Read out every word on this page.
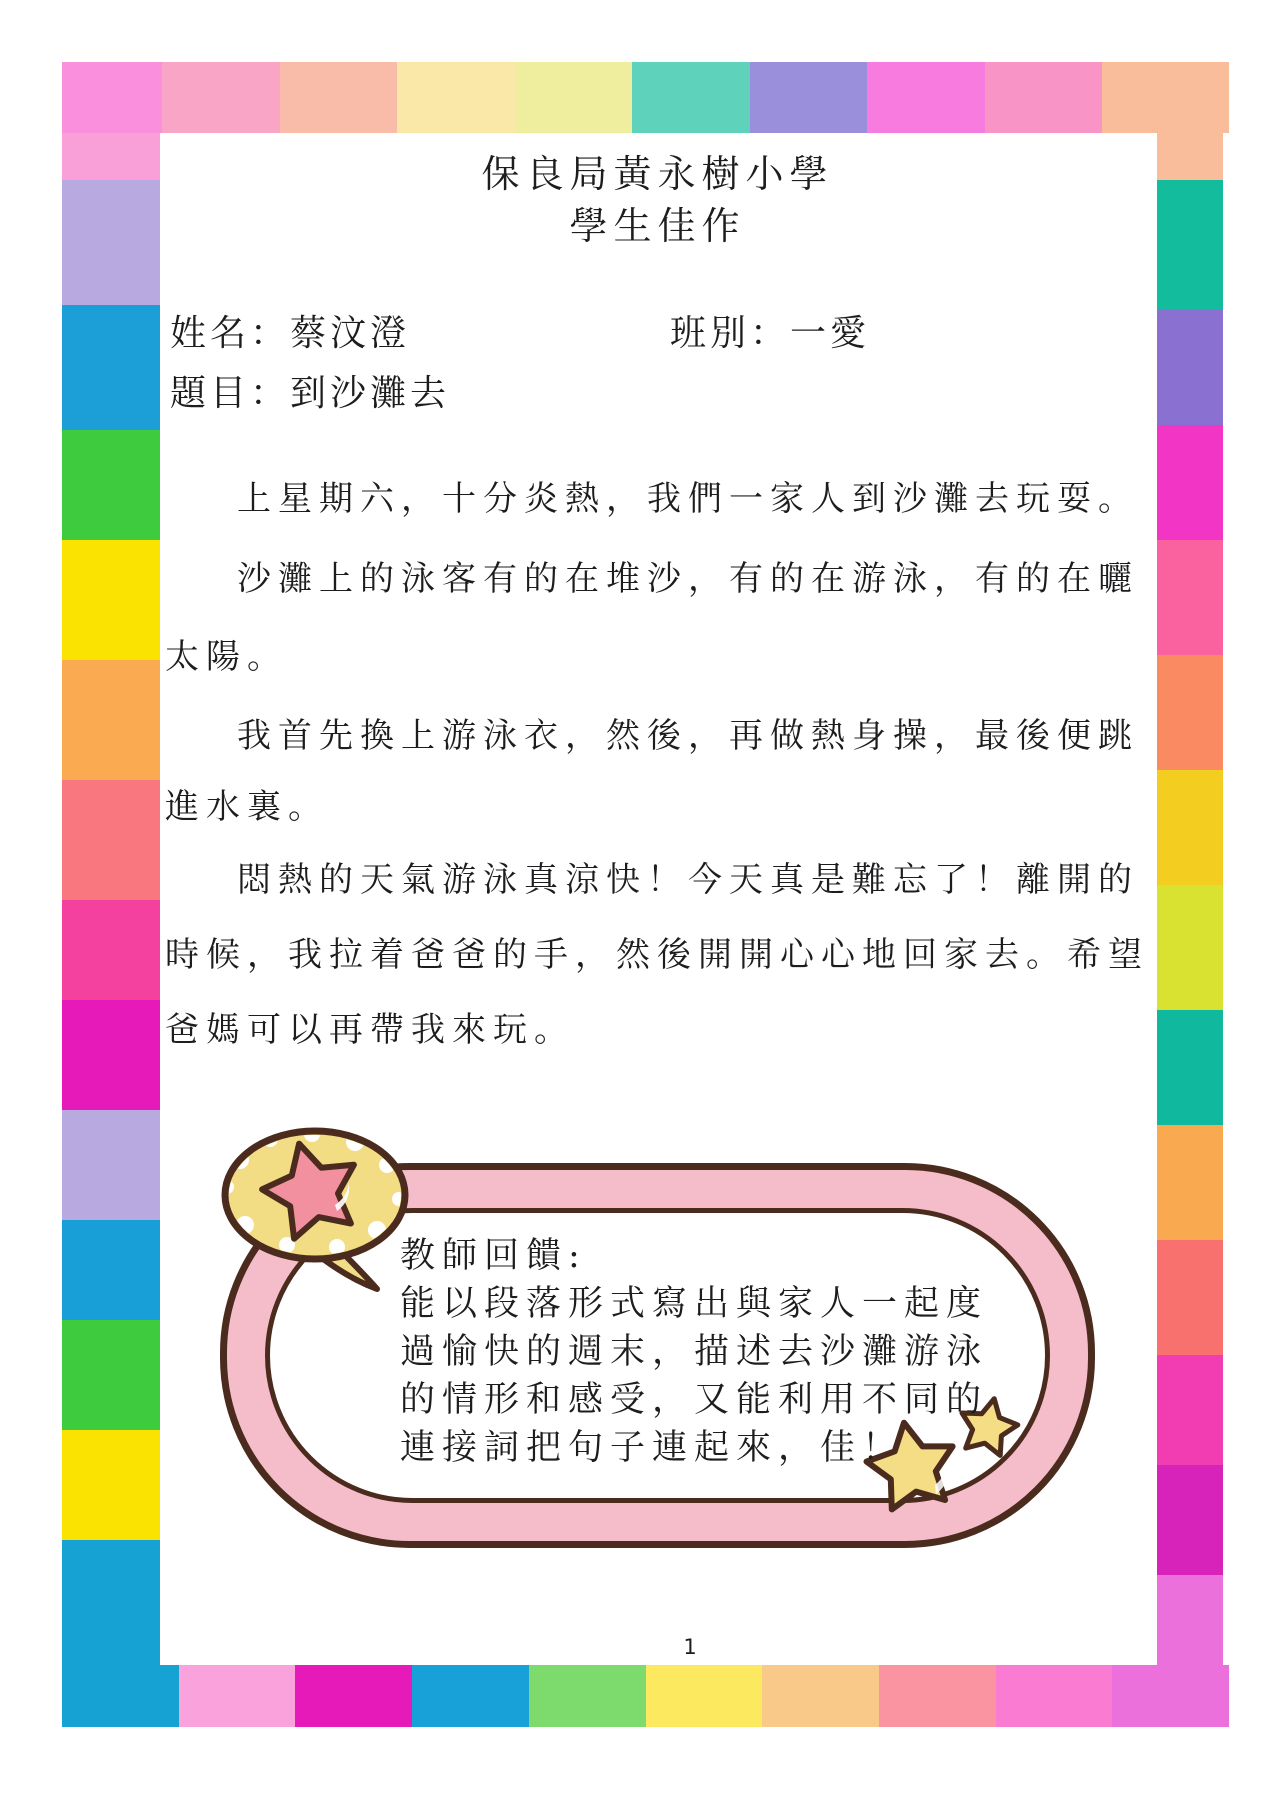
保良局黃永樹小學
學生佳作
姓名：蔡汶澄	班別：一愛
題目：到沙灘去
上星期六，十分炎熱，我們一家人到沙灘去玩耍。
沙灘上的泳客有的在堆沙，有的在游泳，有的在曬
太陽。
我首先換上游泳衣，然後，再做熱身操，最後便跳
進水裏。
悶熱的天氣游泳真涼快！今天真是難忘了！離開的
時候，我拉着爸爸的手，然後開開心心地回家去。希望
爸媽可以再帶我來玩。
教師回饋:
能以段落形式寫出與家人一起度
過愉快的週末，描述去沙灘游泳
的情形和感受，又能利用不同的
連接詞把句子連起來，佳！
1
